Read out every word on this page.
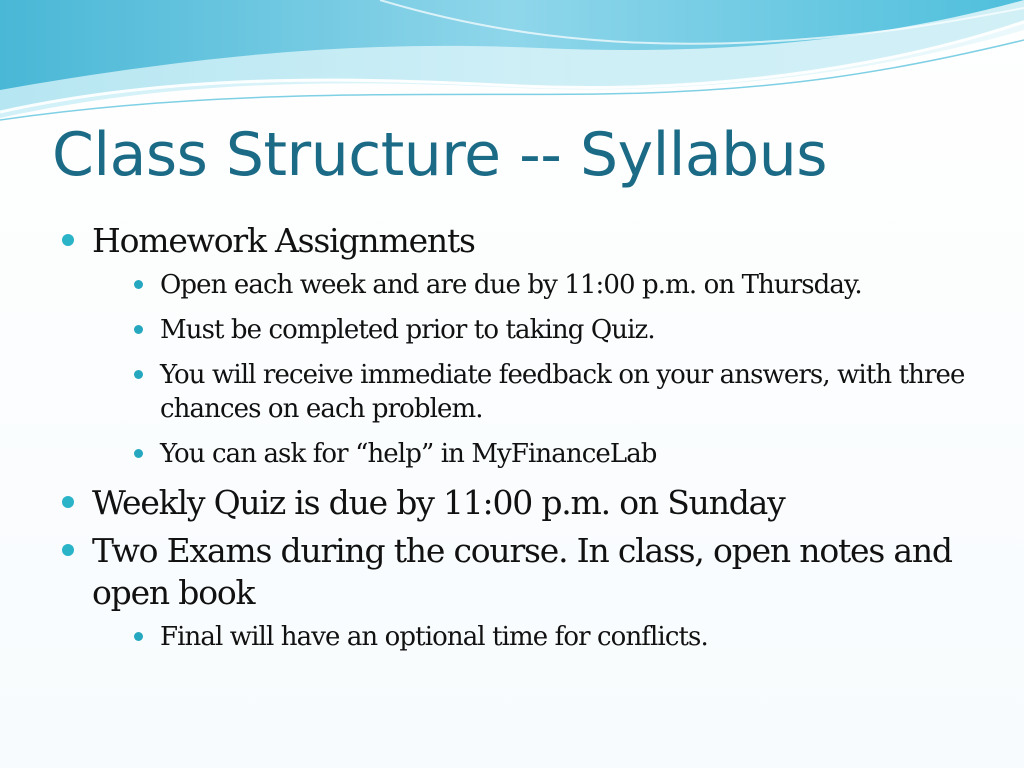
Class Structure -- Syllabus
Homework Assignments
Open each week and are due by 11:00 p.m. on Thursday.
Must be completed prior to taking Quiz.
You will receive immediate feedback on your answers, with three chances on each problem.
You can ask for “help” in MyFinanceLab
Weekly Quiz is due by 11:00 p.m. on Sunday
Two Exams during the course. In class, open notes and open book
Final will have an optional time for conflicts.
